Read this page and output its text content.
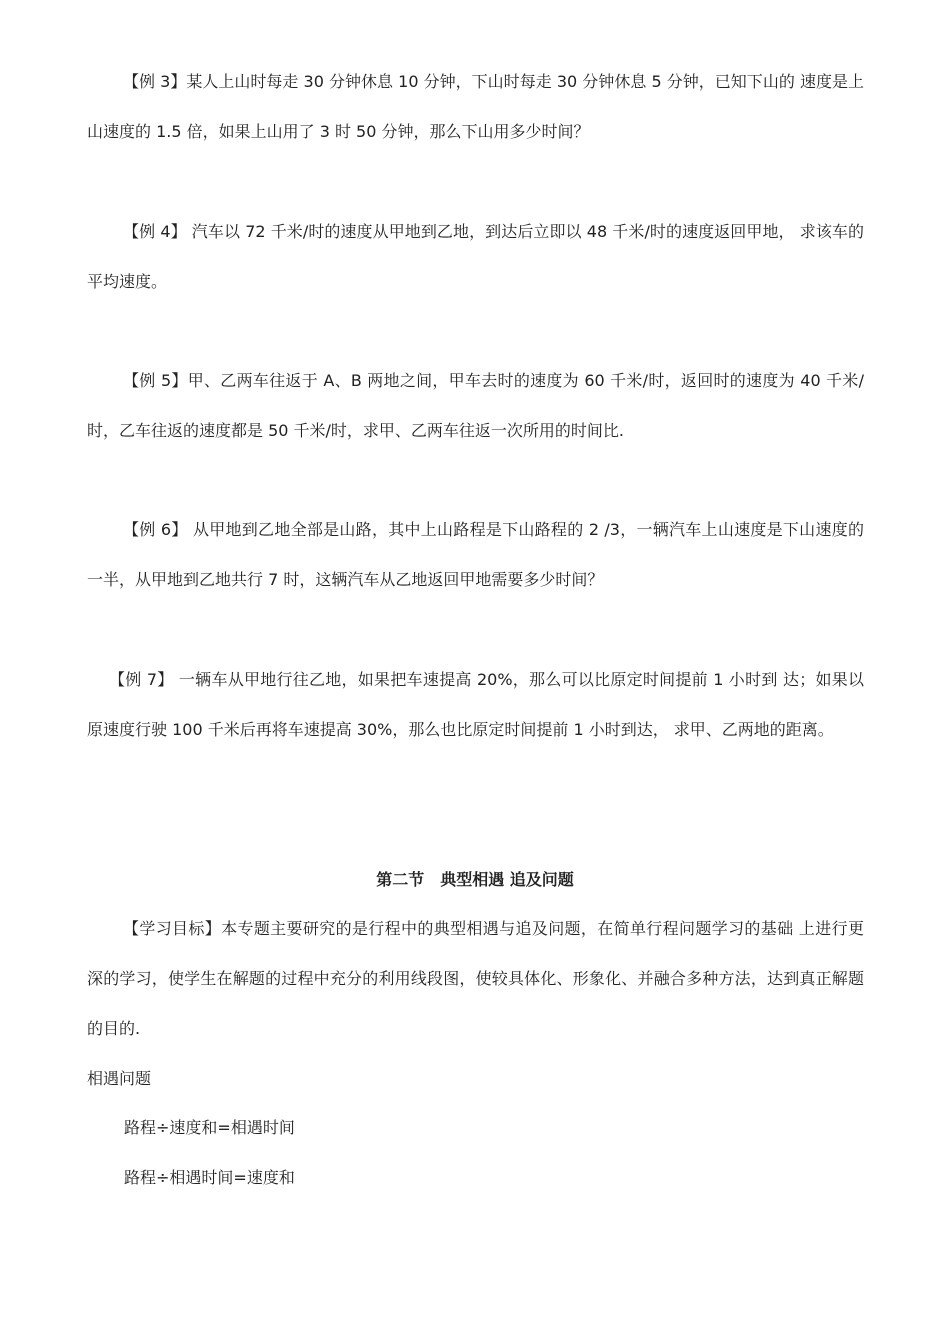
【例 3】某人上山时每走 30 分钟休息 10 分钟，下山时每走 30 分钟休息 5 分钟，已知下山的 速度是上山速度的 1.5 倍，如果上山用了 3 时 50 分钟，那么下山用多少时间？

【例 4】 汽车以 72 千米/时的速度从甲地到乙地，到达后立即以 48 千米/时的速度返回甲地， 求该车的平均速度。

【例 5】甲、乙两车往返于 A、B 两地之间，甲车去时的速度为 60 千米/时，返回时的速度为 40 千米/时，乙车往返的速度都是 50 千米/时，求甲、乙两车往返一次所用的时间比.

【例 6】 从甲地到乙地全部是山路，其中上山路程是下山路程的 2 /3，一辆汽车上山速度是下山速度的一半，从甲地到乙地共行 7 时，这辆汽车从乙地返回甲地需要多少时间？

【例 7】 一辆车从甲地行往乙地，如果把车速提高 20%，那么可以比原定时间提前 1 小时到 达；如果以原速度行驶 100 千米后再将车速提高 30%，那么也比原定时间提前 1 小时到达， 求甲、乙两地的距离。

第二节　典型相遇 追及问题

【学习目标】本专题主要研究的是行程中的典型相遇与追及问题，在简单行程问题学习的基础 上进行更深的学习，使学生在解题的过程中充分的利用线段图，使较具体化、形象化、并融合多种方法，达到真正解题的目的.

相遇问题
路程÷速度和=相遇时间
路程÷相遇时间=速度和
